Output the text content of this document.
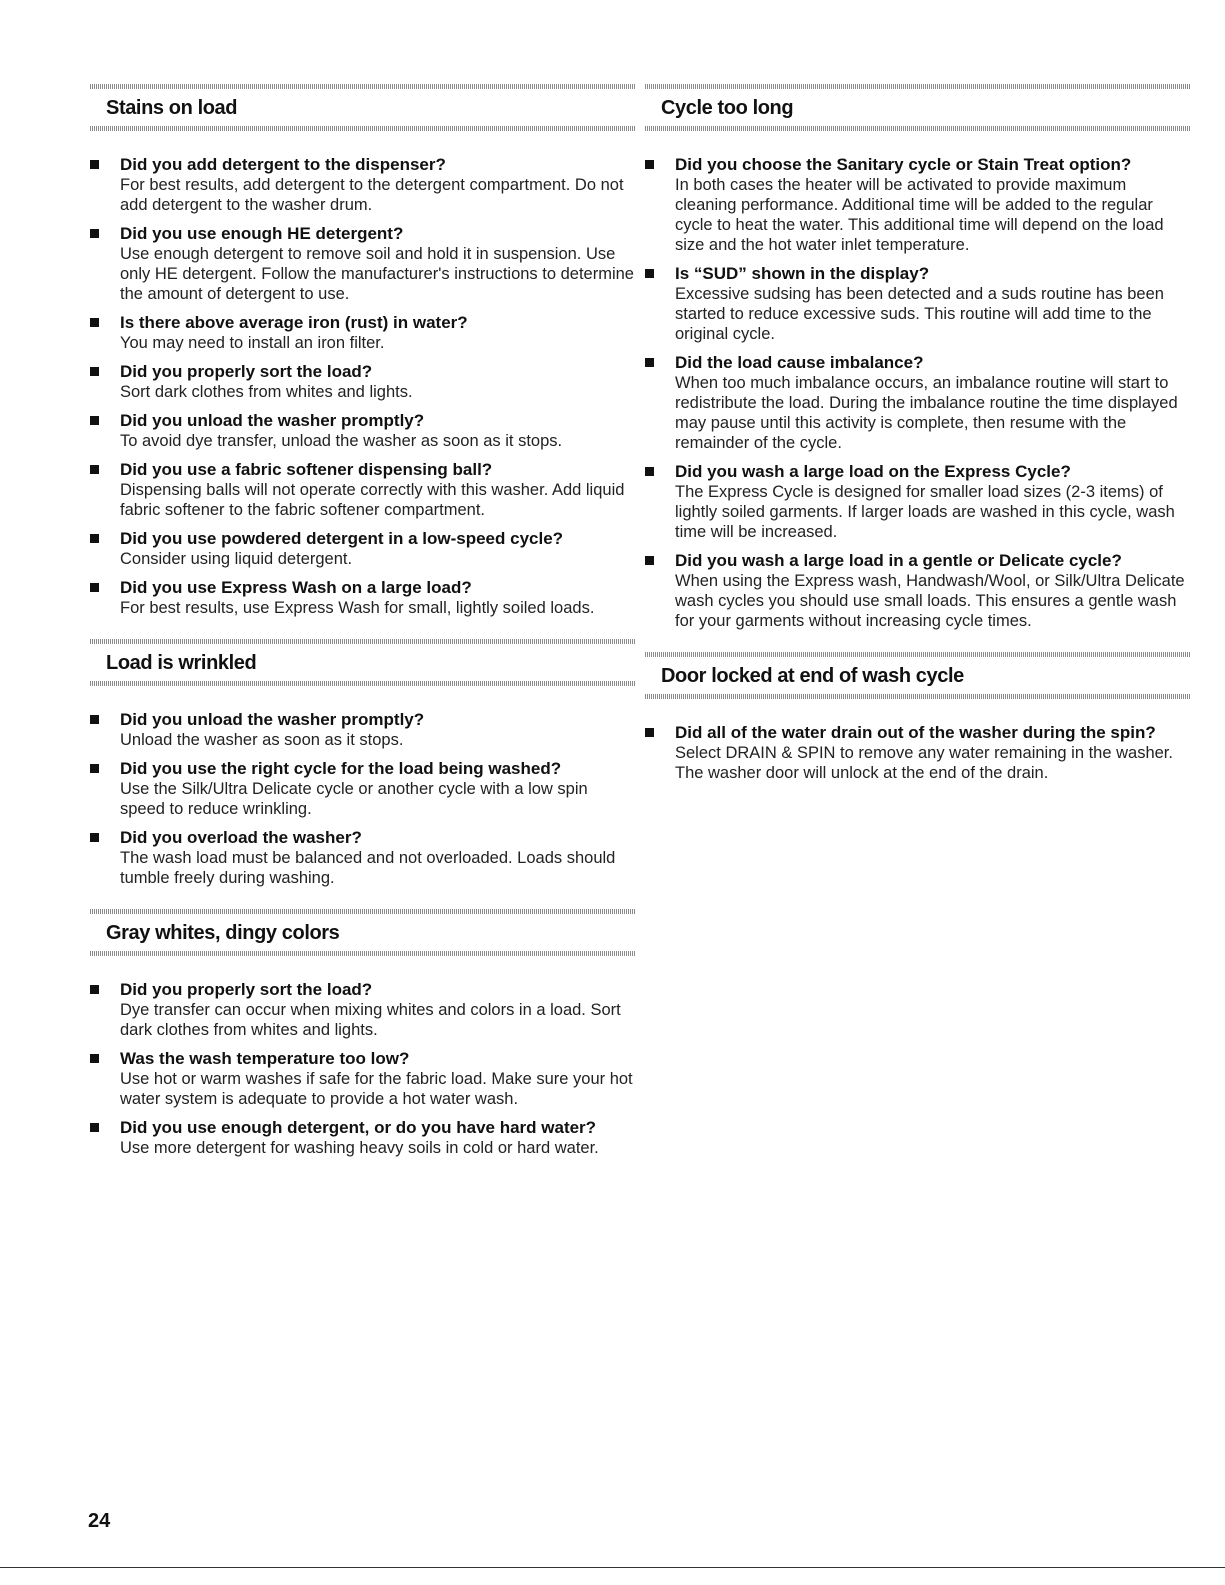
Stains on load
Did you add detergent to the dispenser?
For best results, add detergent to the detergent compartment. Do not add detergent to the washer drum.
Did you use enough HE detergent?
Use enough detergent to remove soil and hold it in suspension. Use only HE detergent. Follow the manufacturer's instructions to determine the amount of detergent to use.
Is there above average iron (rust) in water?
You may need to install an iron filter.
Did you properly sort the load?
Sort dark clothes from whites and lights.
Did you unload the washer promptly?
To avoid dye transfer, unload the washer as soon as it stops.
Did you use a fabric softener dispensing ball?
Dispensing balls will not operate correctly with this washer. Add liquid fabric softener to the fabric softener compartment.
Did you use powdered detergent in a low-speed cycle?
Consider using liquid detergent.
Did you use Express Wash on a large load?
For best results, use Express Wash for small, lightly soiled loads.
Load is wrinkled
Did you unload the washer promptly?
Unload the washer as soon as it stops.
Did you use the right cycle for the load being washed?
Use the Silk/Ultra Delicate cycle or another cycle with a low spin speed to reduce wrinkling.
Did you overload the washer?
The wash load must be balanced and not overloaded. Loads should tumble freely during washing.
Gray whites, dingy colors
Did you properly sort the load?
Dye transfer can occur when mixing whites and colors in a load. Sort dark clothes from whites and lights.
Was the wash temperature too low?
Use hot or warm washes if safe for the fabric load. Make sure your hot water system is adequate to provide a hot water wash.
Did you use enough detergent, or do you have hard water?
Use more detergent for washing heavy soils in cold or hard water.
Cycle too long
Did you choose the Sanitary cycle or Stain Treat option?
In both cases the heater will be activated to provide maximum cleaning performance. Additional time will be added to the regular cycle to heat the water. This additional time will depend on the load size and the hot water inlet temperature.
Is “SUD” shown in the display?
Excessive sudsing has been detected and a suds routine has been started to reduce excessive suds. This routine will add time to the original cycle.
Did the load cause imbalance?
When too much imbalance occurs, an imbalance routine will start to redistribute the load. During the imbalance routine the time displayed may pause until this activity is complete, then resume with the remainder of the cycle.
Did you wash a large load on the Express Cycle?
The Express Cycle is designed for smaller load sizes (2-3 items) of lightly soiled garments. If larger loads are washed in this cycle, wash time will be increased.
Did you wash a large load in a gentle or Delicate cycle?
When using the Express wash, Handwash/Wool, or Silk/Ultra Delicate wash cycles you should use small loads. This ensures a gentle wash for your garments without increasing cycle times.
Door locked at end of wash cycle
Did all of the water drain out of the washer during the spin?
Select DRAIN & SPIN to remove any water remaining in the washer. The washer door will unlock at the end of the drain.
24
